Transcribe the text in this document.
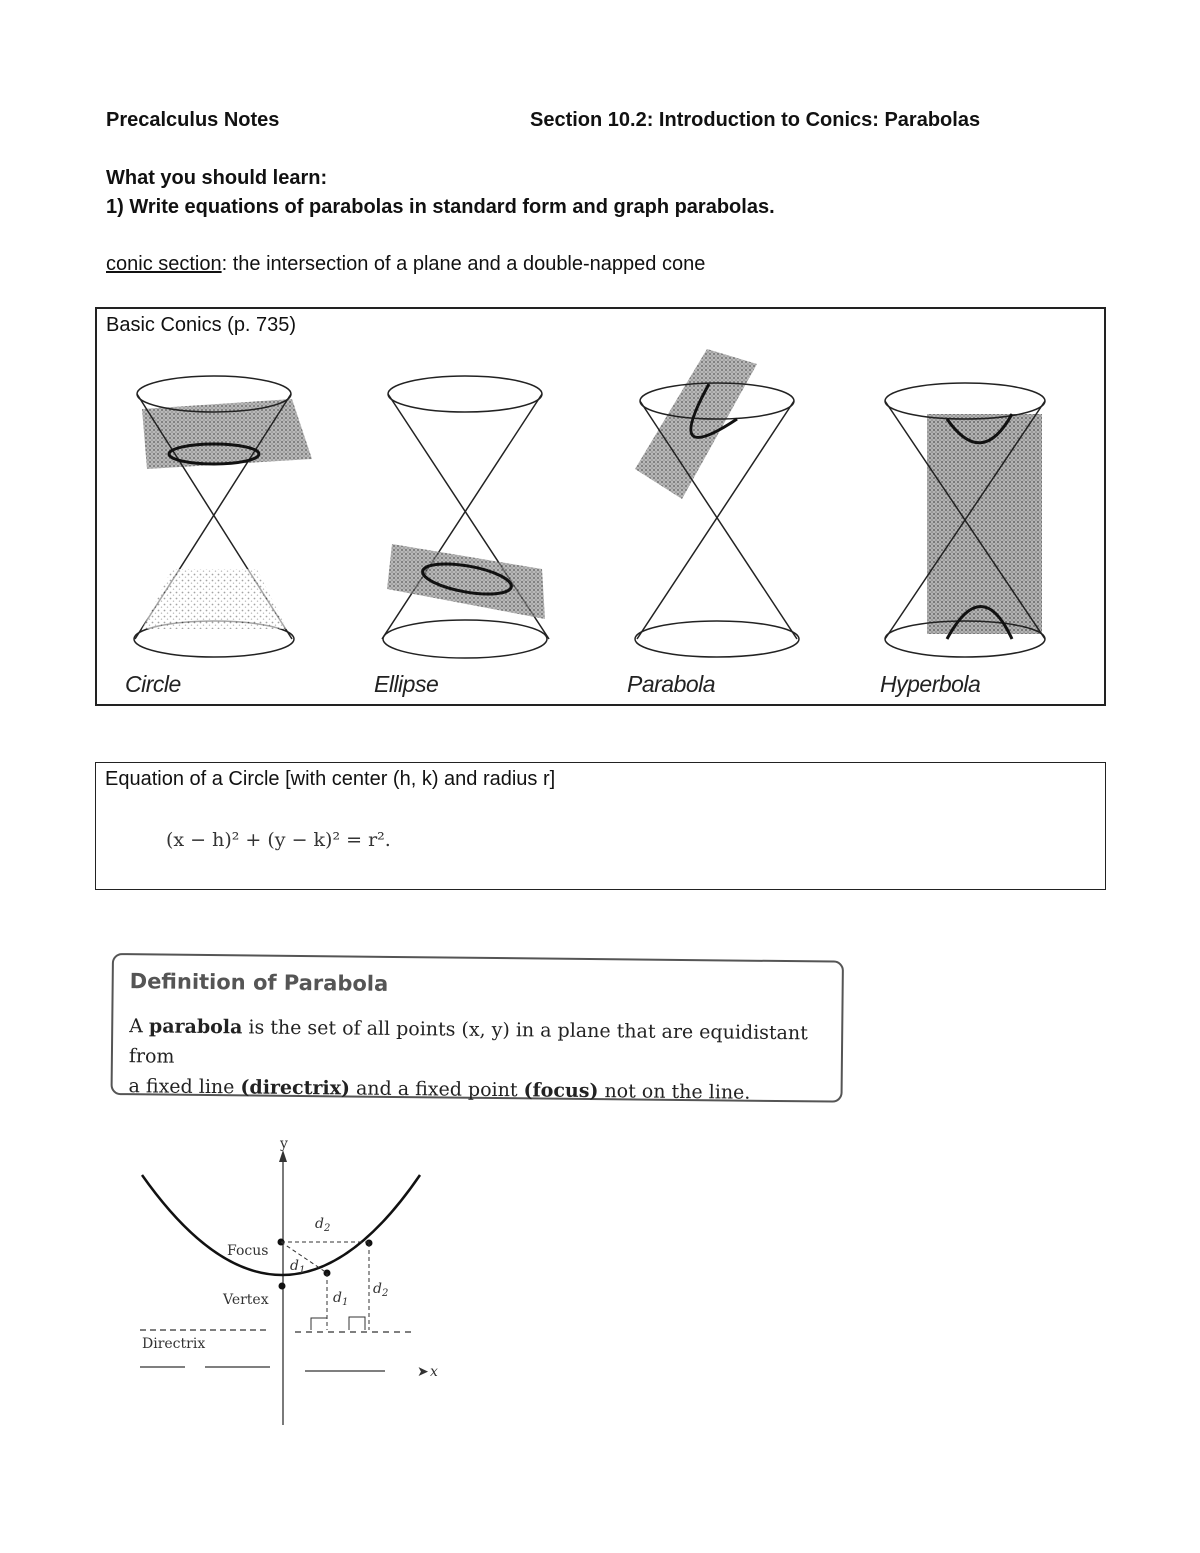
Precalculus Notes	Section 10.2: Introduction to Conics: Parabolas
What you should learn:
1) Write equations of parabolas in standard form and graph parabolas.
conic section: the intersection of a plane and a double-napped cone
Basic Conics (p. 735)
Circle	Ellipse	Parabola	Hyperbola
Equation of a Circle [with center (h, k) and radius r]
(x − h)² + (y − k)² = r².
Definition of Parabola
A parabola is the set of all points (x, y) in a plane that are equidistant from
a fixed line (directrix) and a fixed point (focus) not on the line.
y
➤ x
Directrix
Focus
Vertex
$d_2$
$d_1$
$d_1$
$d_2$
